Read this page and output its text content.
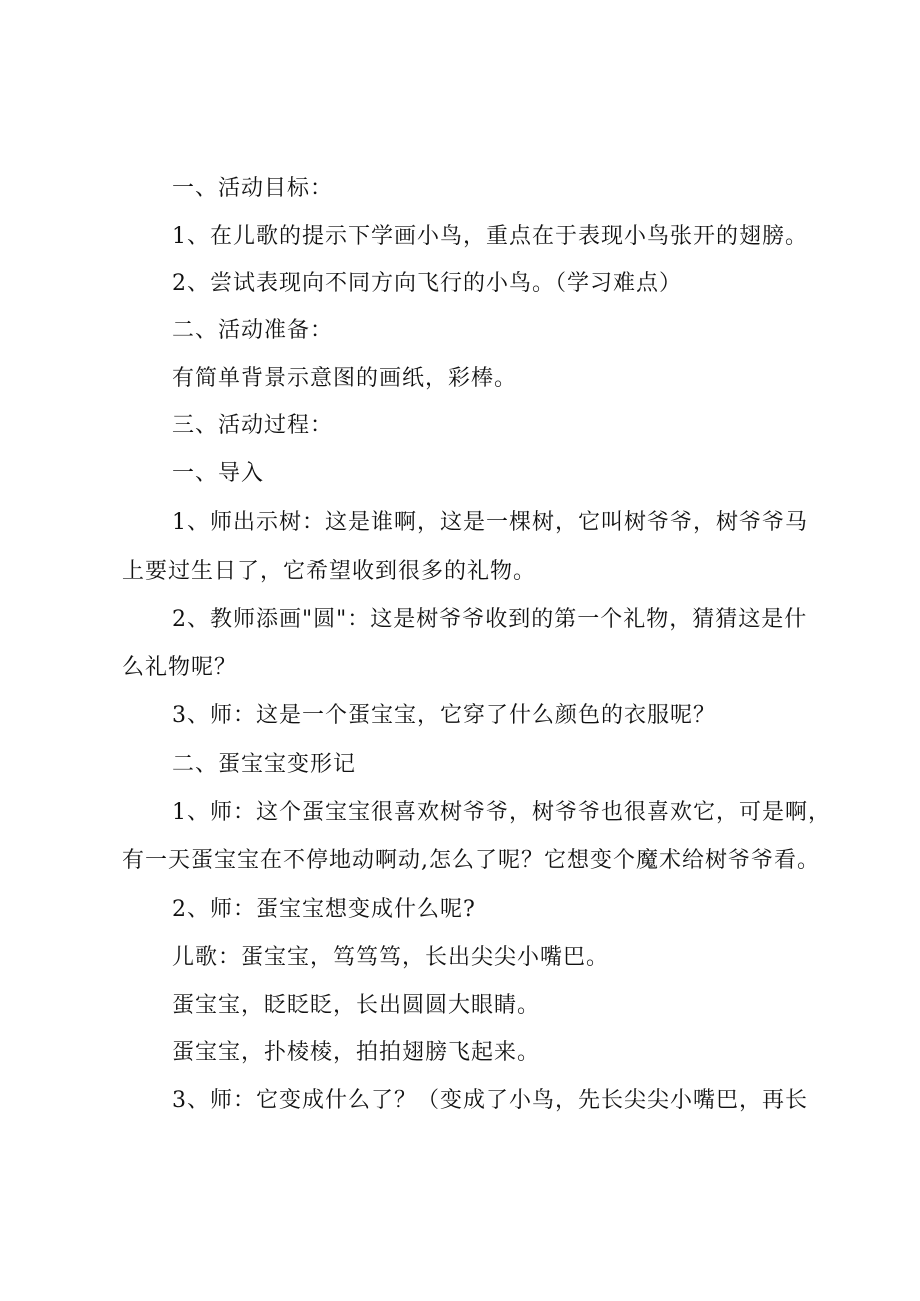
一、活动目标：
1、在儿歌的提示下学画小鸟，重点在于表现小鸟张开的翅膀。
2、尝试表现向不同方向飞行的小鸟。（学习难点）
二、活动准备：
有简单背景示意图的画纸，彩棒。
三、活动过程：
一、导入
1、师出示树：这是谁啊，这是一棵树，它叫树爷爷，树爷爷马
上要过生日了，它希望收到很多的礼物。
2、教师添画"圆"：这是树爷爷收到的第一个礼物，猜猜这是什
么礼物呢？
3、师：这是一个蛋宝宝，它穿了什么颜色的衣服呢？
二、蛋宝宝变形记
1、师：这个蛋宝宝很喜欢树爷爷，树爷爷也很喜欢它，可是啊，
有一天蛋宝宝在不停地动啊动,怎么了呢？它想变个魔术给树爷爷看。
2、师：蛋宝宝想变成什么呢?
儿歌：蛋宝宝，笃笃笃，长出尖尖小嘴巴。
蛋宝宝，眨眨眨，长出圆圆大眼睛。
蛋宝宝，扑棱棱，拍拍翅膀飞起来。
3、师：它变成什么了？（变成了小鸟，先长尖尖小嘴巴，再长
